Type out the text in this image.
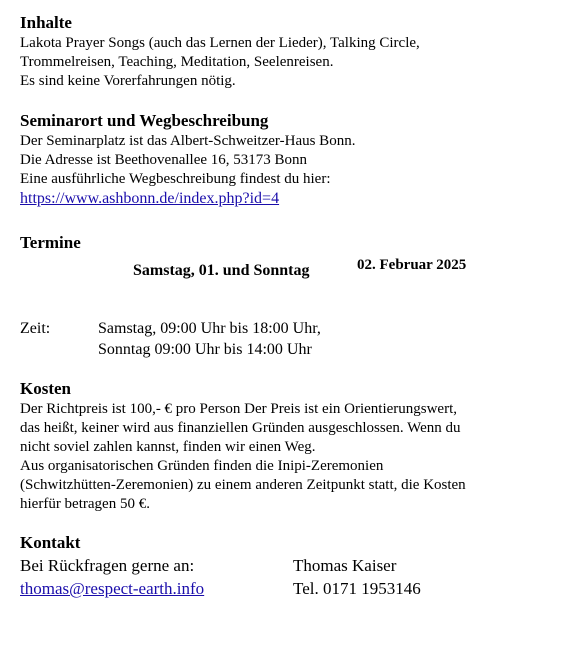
Inhalte

Lakota Prayer Songs (auch das Lernen der Lieder), Talking Circle,
Trommelreisen, Teaching, Meditation, Seelenreisen.
Es sind keine Vorerfahrungen nötig.

Seminarort und Wegbeschreibung

Der Seminarplatz ist das Albert-Schweitzer-Haus Bonn.
Die Adresse ist Beethovenallee 16, 53173 Bonn
Eine ausführliche Wegbeschreibung findest du hier:
https://www.ashbonn.de/index.php?id=4

Termine
Samstag, 01. und Sonntag	02. Februar 2025
Zeit:	Samstag, 09:00 Uhr bis 18:00 Uhr,
Sonntag 09:00 Uhr bis 14:00 Uhr
Kosten

Der Richtpreis ist 100,- € pro Person Der Preis ist ein Orientierungswert,
das heißt, keiner wird aus finanziellen Gründen ausgeschlossen. Wenn du
nicht soviel zahlen kannst, finden wir einen Weg.
Aus organisatorischen Gründen finden die Inipi-Zeremonien
(Schwitzhütten-Zeremonien) zu einem anderen Zeitpunkt statt, die Kosten
hierfür betragen 50 €.

Kontakt
Bei Rückfragen gerne an:	Thomas Kaiser
thomas@respect-earth.info	Tel. 0171 1953146
